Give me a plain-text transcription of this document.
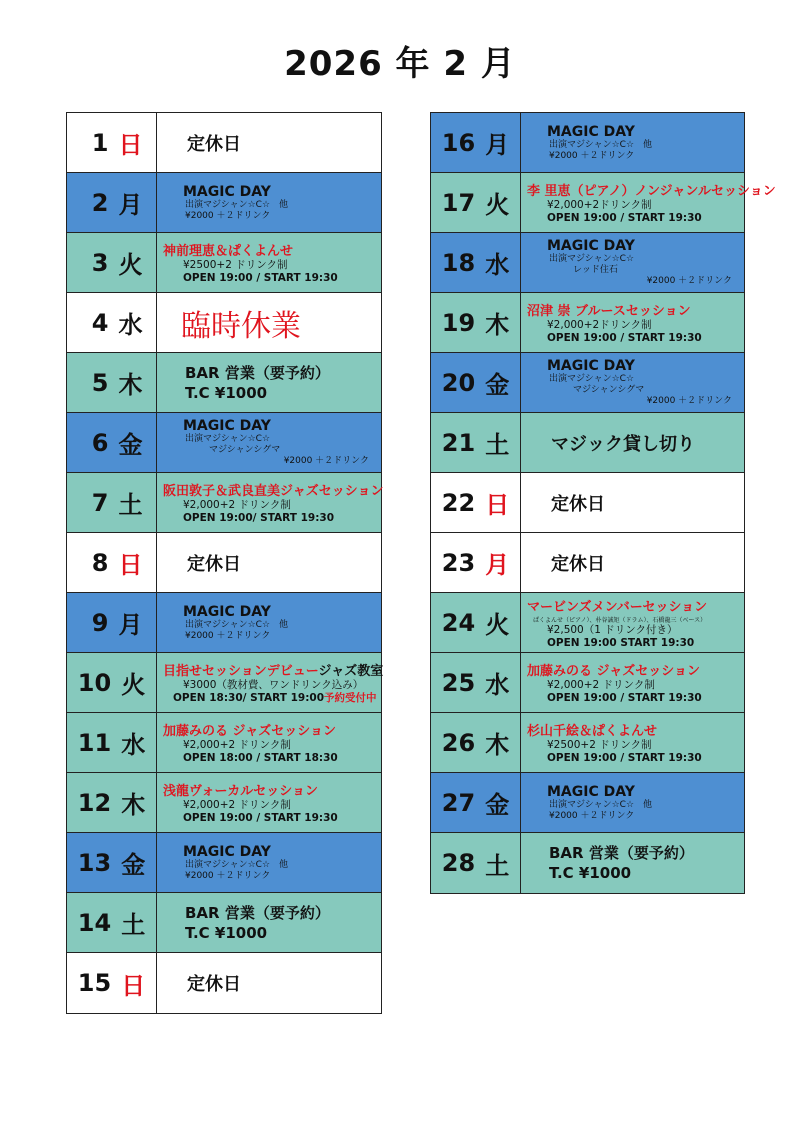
2026 年 2 月
1 日	定休日
2 月	MAGIC DAY
出演マジシャン☆C☆　他
¥2000 ＋２ドリンク
3 火 神前理恵＆ぱくよんせ
¥2500+2 ドリンク制
OPEN 19:00 / START 19:30
4 水	臨時休業
5 木	BAR 営業（要予約）
T.C ¥1000
6 金
MAGIC DAY
出演マジシャン☆C☆
マジシャンシグマ
¥2000 ＋２ドリンク
7 土 阪田敦子＆武良直美ジャズセッション
¥2,000+2 ドリンク制
OPEN 19:00/ START 19:30
8 日	定休日
9 月	MAGIC DAY
出演マジシャン☆C☆　他
¥2000 ＋２ドリンク
10 火 目指せセッションデビュージャズ教室
¥3000（教材費、ワンドリンク込み）
OPEN 18:30/ START 19:00予約受付中
11 水 加藤みのる ジャズセッション
¥2,000+2 ドリンク制
OPEN 18:00 / START 18:30
12 木 浅龍ヴォーカルセッション
¥2,000+2 ドリンク制
OPEN 19:00 / START 19:30
13 金	MAGIC DAY
出演マジシャン☆C☆　他
¥2000 ＋２ドリンク
14 土	BAR 営業（要予約）
T.C ¥1000
15 日	定休日
16 月	MAGIC DAY
出演マジシャン☆C☆　他
¥2000 ＋２ドリンク
17 火 李 里恵（ピアノ）ノンジャンルセッション
¥2,000+2ドリンク制
OPEN 19:00 / START 19:30
18 水
MAGIC DAY
出演マジシャン☆C☆
レッド住石
¥2000 ＋２ドリンク
19 木 沼津 崇 ブルースセッション
¥2,000+2ドリンク制
OPEN 19:00 / START 19:30
20 金
MAGIC DAY
出演マジシャン☆C☆
マジシャンシグマ
¥2000 ＋２ドリンク
21 土	マジック貸し切り
22 日	定休日
23 月	定休日
24 火
マービンズメンバーセッション
ぱくよんせ（ピアノ）、朴谷誠矩（ドラム）、石橋龍三（ベース）
¥2,500（1 ドリンク付き）
OPEN 19:00 START 19:30
25 水 加藤みのる ジャズセッション
¥2,000+2 ドリンク制
OPEN 19:00 / START 19:30
26 木 杉山千絵＆ぱくよんせ
¥2500+2 ドリンク制
OPEN 19:00 / START 19:30
27 金	MAGIC DAY
出演マジシャン☆C☆　他
¥2000 ＋２ドリンク
28 土	BAR 営業（要予約）
T.C ¥1000
